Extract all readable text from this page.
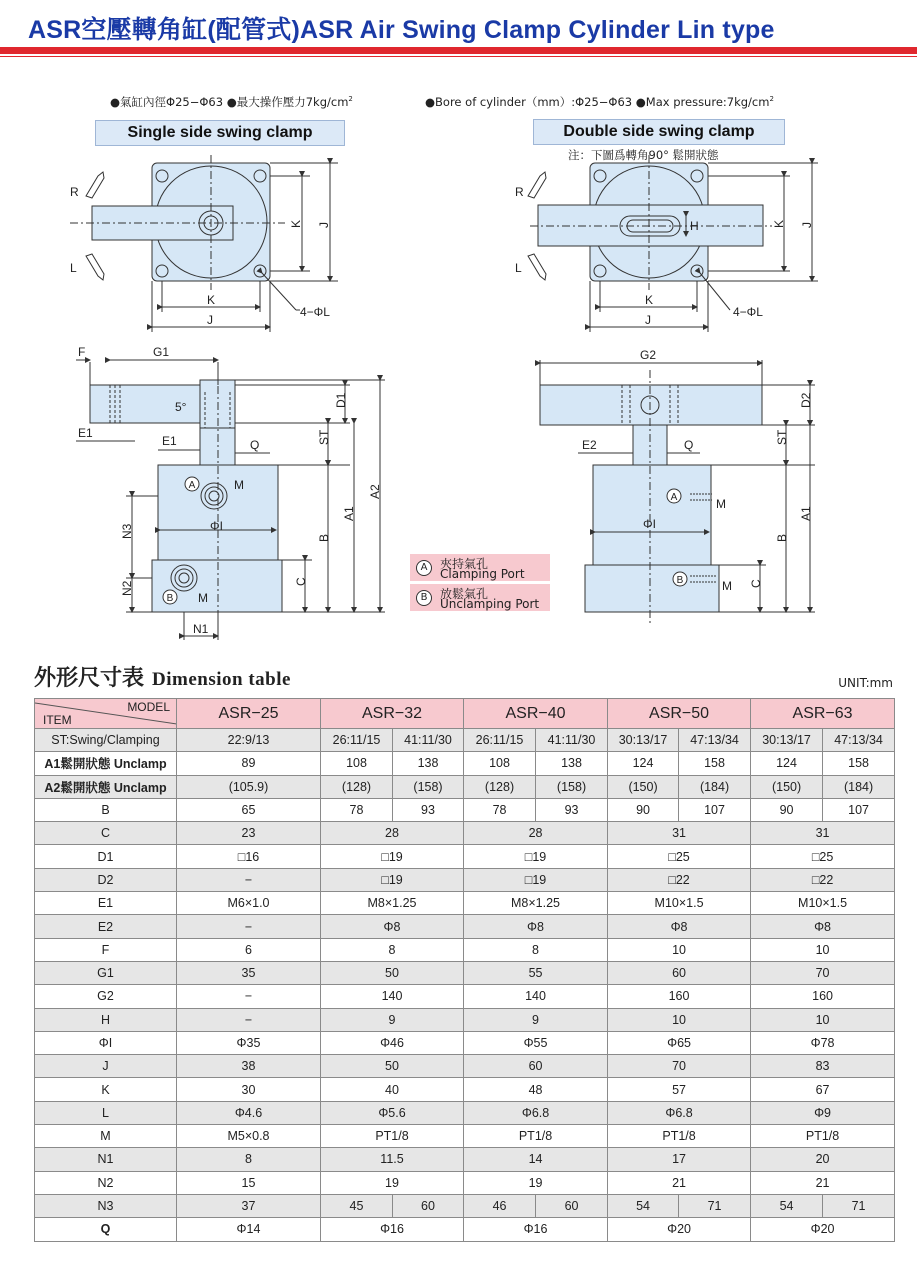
ASR空壓轉角缸(配管式)ASR Air Swing Clamp Cylinder Lin type
●氣缸內徑Φ25−Φ63 ●最大操作壓力$7kg/cm^2$	●Bore of cylinder（mm）:Φ25−Φ63 ●Max $pressure:7kg/cm^2$
Single side swing clamp	Double side swing clamp
注：下圖爲轉角90° 鬆開狀態
R
L
K J
K
J
4−ΦL
R
L
H	K J
K
J
4−ΦL
F	G1
5°
E1
E1	Q
D1
ST
A1
A2
B
C
N3
N2
N1
ΦI
M
M
G2
D2
E2	Q	ST
A1
B
C
ΦI
M
M
A
B
A
B
A	夾持氣孔
Clamping Port
B	放鬆氣孔
Unclamping Port
外形尺寸表 Dimension table	UNIT:mm
MODEL
ITEM	ASR−25	ASR−32		ASR−40		ASR−50		ASR−63	
ST:Swing/Clamping	22:9/13	26:11/15	41:11/30	26:11/15	41:11/30	30:13/17	47:13/34	30:13/17	47:13/34
A1鬆開狀態 Unclamp	89	108	138	108	138	124	158	124	158
A2鬆開狀態 Unclamp	(105.9)	(128)	(158)	(128)	(158)	(150)	(184)	(150)	(184)
B	65	78	93	78	93	90	107	90	107
C	23	28		28		31		31	
D1	□16	□19		□19		□25		□25	
D2	−	□19		□19		□22		□22	
E1	M6×1.0	M8×1.25		M8×1.25		M10×1.5		M10×1.5	
E2	−	Φ8		Φ8		Φ8		Φ8	
F	6	8		8		10		10	
G1	35	50		55		60		70	
G2	−	140		140		160		160	
H	−	9		9		10		10	
ΦI	Φ35	Φ46		Φ55		Φ65		Φ78	
J	38	50		60		70		83	
K	30	40		48		57		67	
L	Φ4.6	Φ5.6		Φ6.8		Φ6.8		Φ9	
M	M5×0.8	PT1/8		PT1/8		PT1/8		PT1/8	
N1	8	11.5		14		17		20	
N2	15	19		19		21		21	
N3	37	45	60	46	60	54	71	54	71
Q	Φ14	Φ16		Φ16		Φ20		Φ20	
